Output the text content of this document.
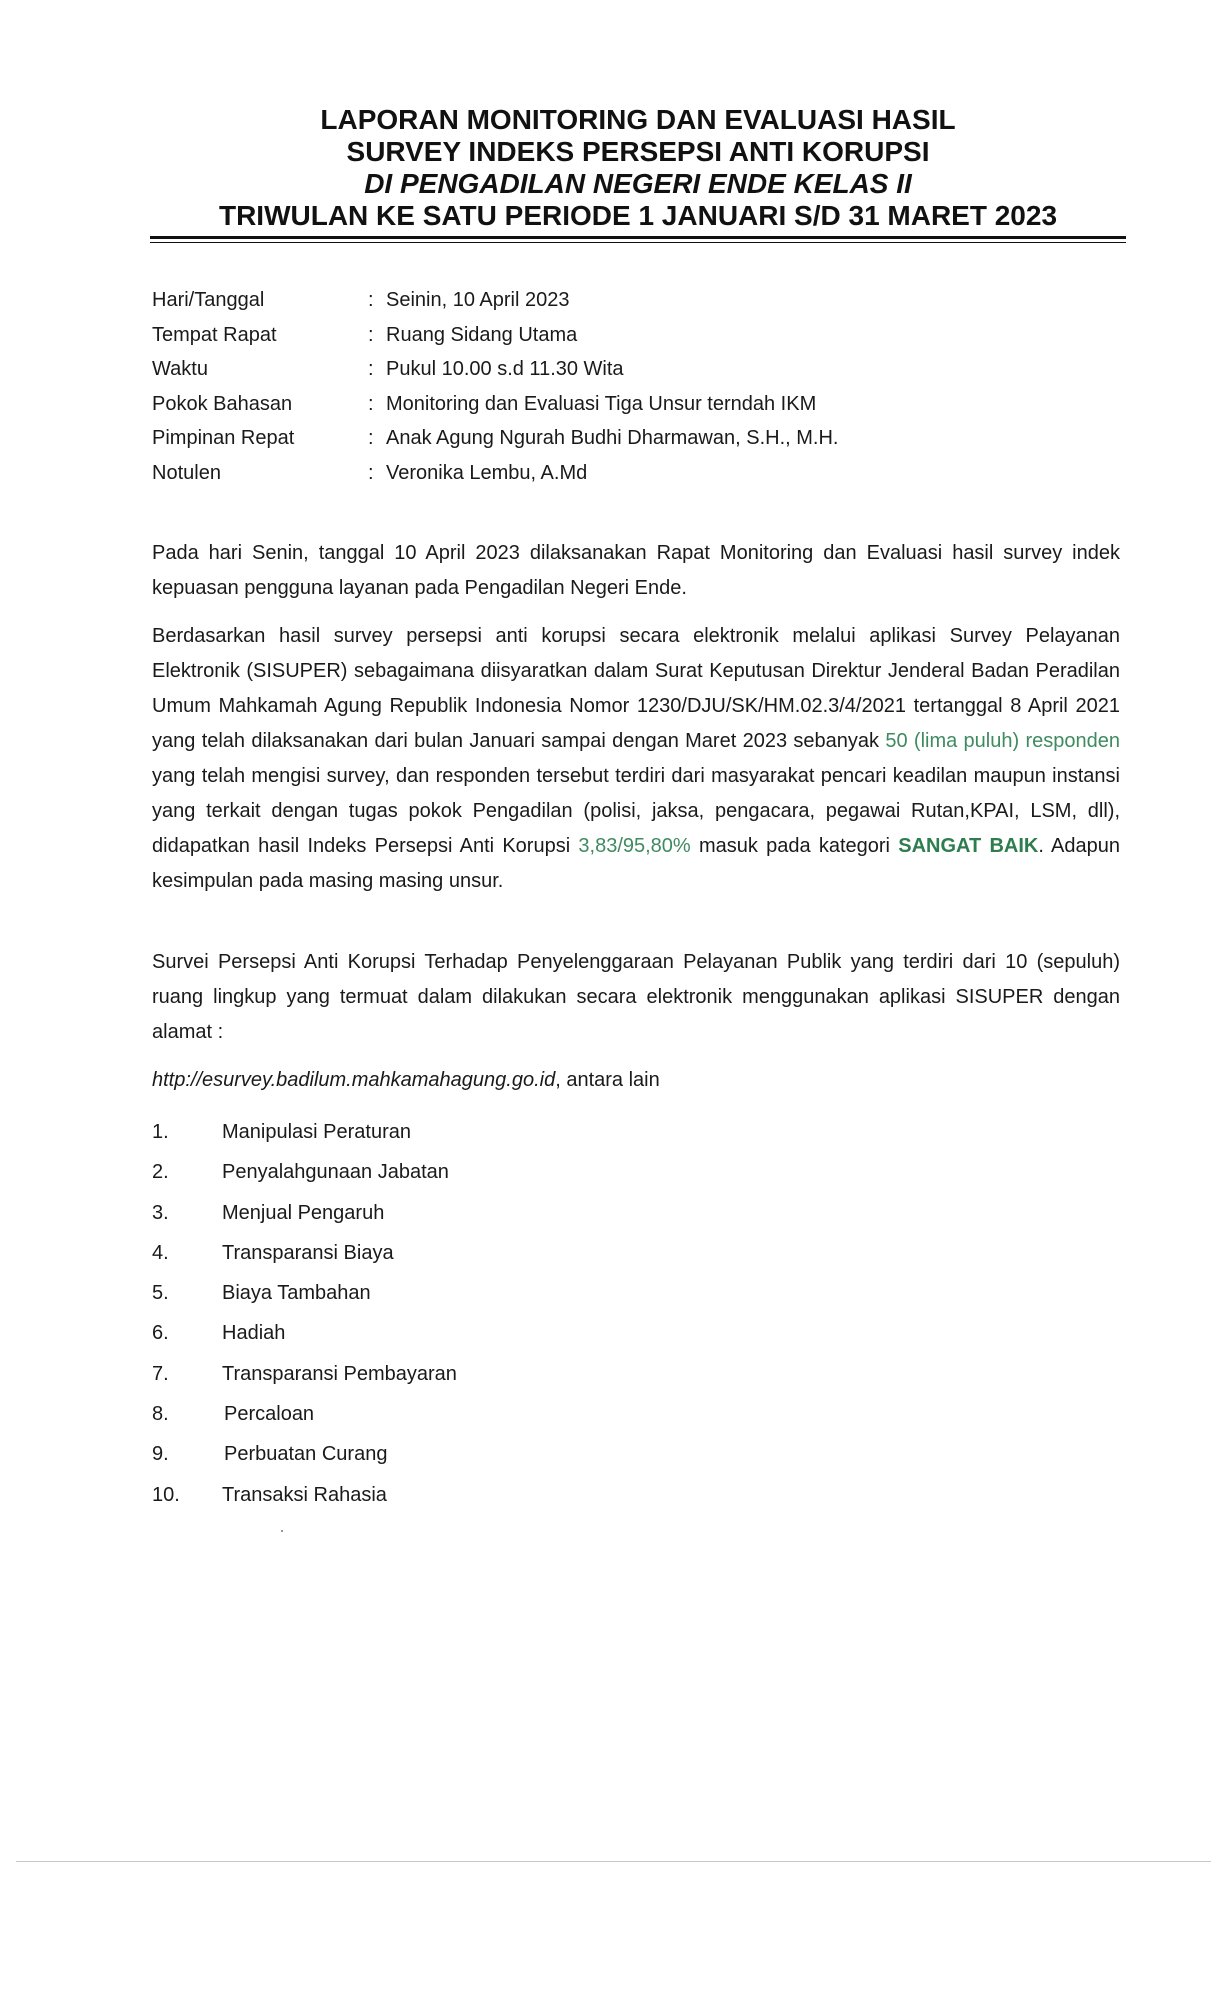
LAPORAN MONITORING DAN EVALUASI HASIL
SURVEY INDEKS PERSEPSI ANTI KORUPSI
DI PENGADILAN NEGERI ENDE KELAS II
TRIWULAN KE SATU PERIODE 1 JANUARI S/D 31 MARET 2023
Hari/Tanggal	: Seinin, 10 April 2023
Tempat Rapat	: Ruang Sidang Utama
Waktu	: Pukul 10.00 s.d 11.30 Wita
Pokok Bahasan	: Monitoring dan Evaluasi Tiga Unsur terndah IKM
Pimpinan Repat	: Anak Agung Ngurah Budhi Dharmawan, S.H., M.H.
Notulen	: Veronika Lembu, A.Md

Pada hari Senin, tanggal 10 April 2023 dilaksanakan Rapat Monitoring dan Evaluasi hasil survey indek kepuasan pengguna layanan pada Pengadilan Negeri Ende.

Berdasarkan hasil survey persepsi anti korupsi secara elektronik melalui aplikasi Survey Pelayanan Elektronik (SISUPER) sebagaimana diisyaratkan dalam Surat Keputusan Direktur Jenderal Badan Peradilan Umum Mahkamah Agung Republik Indonesia Nomor 1230/DJU/SK/HM.02.3/4/2021 tertanggal 8 April 2021 yang telah dilaksanakan dari bulan Januari sampai dengan Maret 2023 sebanyak 50 (lima puluh) responden yang telah mengisi survey, dan responden tersebut terdiri dari masyarakat pencari keadilan maupun instansi yang terkait dengan tugas pokok Pengadilan (polisi, jaksa, pengacara, pegawai Rutan,KPAI, LSM, dll), didapatkan hasil Indeks Persepsi Anti Korupsi 3,83/95,80% masuk pada kategori SANGAT BAIK. Adapun kesimpulan pada masing masing unsur.

Survei Persepsi Anti Korupsi Terhadap Penyelenggaraan Pelayanan Publik yang terdiri dari 10 (sepuluh) ruang lingkup yang termuat dalam dilakukan secara elektronik menggunakan aplikasi SISUPER dengan alamat :

http://esurvey.badilum.mahkamahagung.go.id, antara lain

1.	Manipulasi Peraturan
2.	Penyalahgunaan Jabatan
3.	Menjual Pengaruh
4.	Transparansi Biaya
5.	Biaya Tambahan
6.	Hadiah
7.	Transparansi Pembayaran
8.	Percaloan
9.	Perbuatan Curang
10. Transaksi Rahasia
